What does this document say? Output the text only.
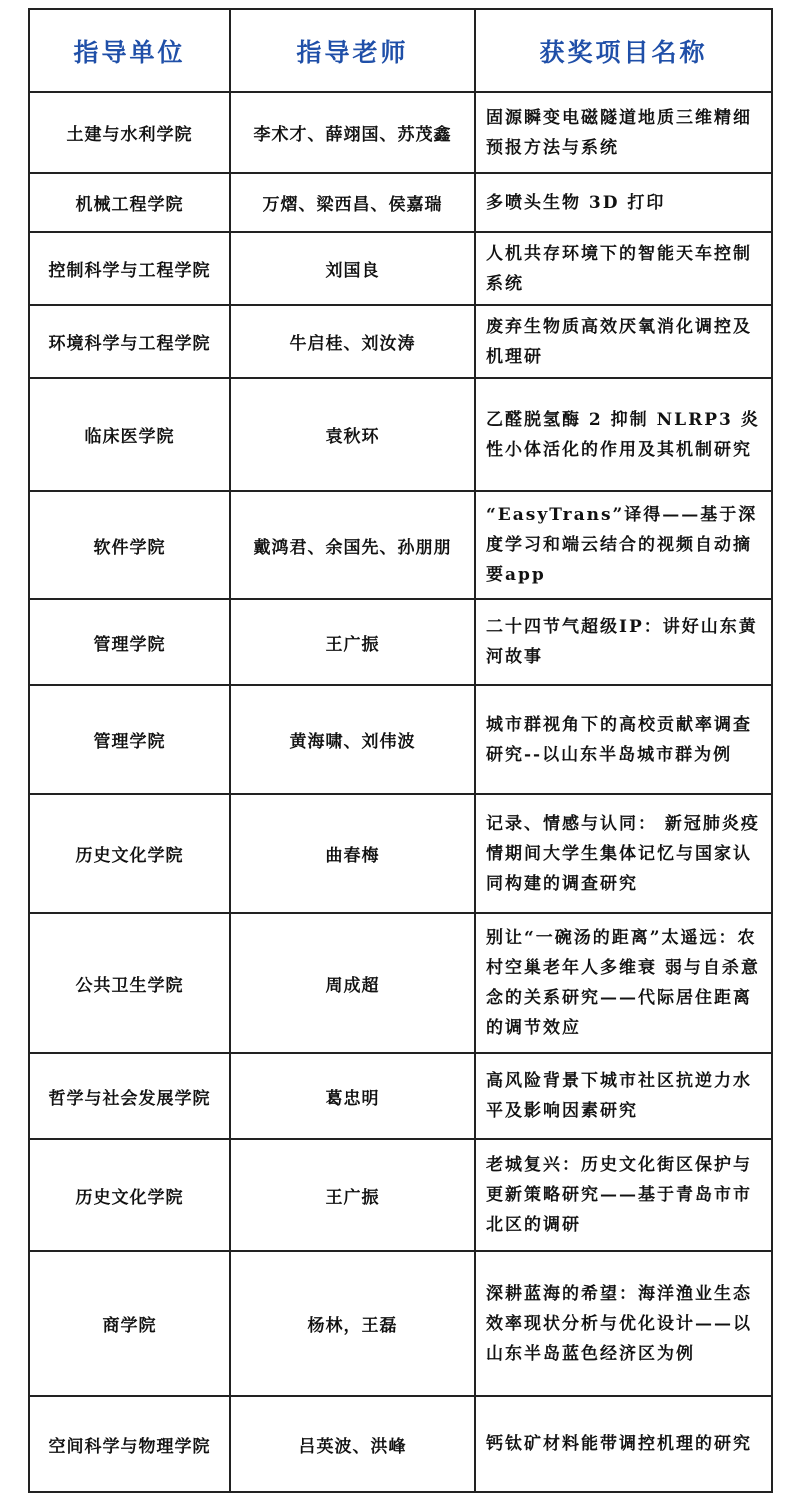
指导单位	指导老师	获奖项目名称
土建与水利学院	李术才、薛翊国、苏茂鑫	固源瞬变电磁隧道地质三维精细预报方法与系统
机械工程学院	万熠、梁西昌、侯嘉瑞	多喷头生物 3D 打印
控制科学与工程学院	刘国良	人机共存环境下的智能天车控制系统
环境科学与工程学院	牛启桂、刘汝涛	废弃生物质高效厌氧消化调控及机理研
临床医学院	袁秋环	乙醛脱氢酶 2 抑制 NLRP3 炎性小体活化的作用及其机制研究
软件学院	戴鸿君、余国先、孙朋朋	“EasyTrans”译得——基于深度学习和端云结合的视频自动摘要app
管理学院	王广振	二十四节气超级IP：讲好山东黄河故事
管理学院	黄海啸、刘伟波	城市群视角下的高校贡献率调查研究--以山东半岛城市群为例
历史文化学院	曲春梅	记录、情感与认同： 新冠肺炎疫情期间大学生集体记忆与国家认同构建的调查研究
公共卫生学院	周成超	别让“一碗汤的距离”太遥远：农村空巢老年人多维衰 弱与自杀意念的关系研究——代际居住距离的调节效应
哲学与社会发展学院	葛忠明	高风险背景下城市社区抗逆力水平及影响因素研究
历史文化学院	王广振	老城复兴：历史文化街区保护与更新策略研究——基于青岛市市北区的调研
商学院	杨林，王磊	深耕蓝海的希望：海洋渔业生态效率现状分析与优化设计——以山东半岛蓝色经济区为例
空间科学与物理学院	吕英波、洪峰	钙钛矿材料能带调控机理的研究
